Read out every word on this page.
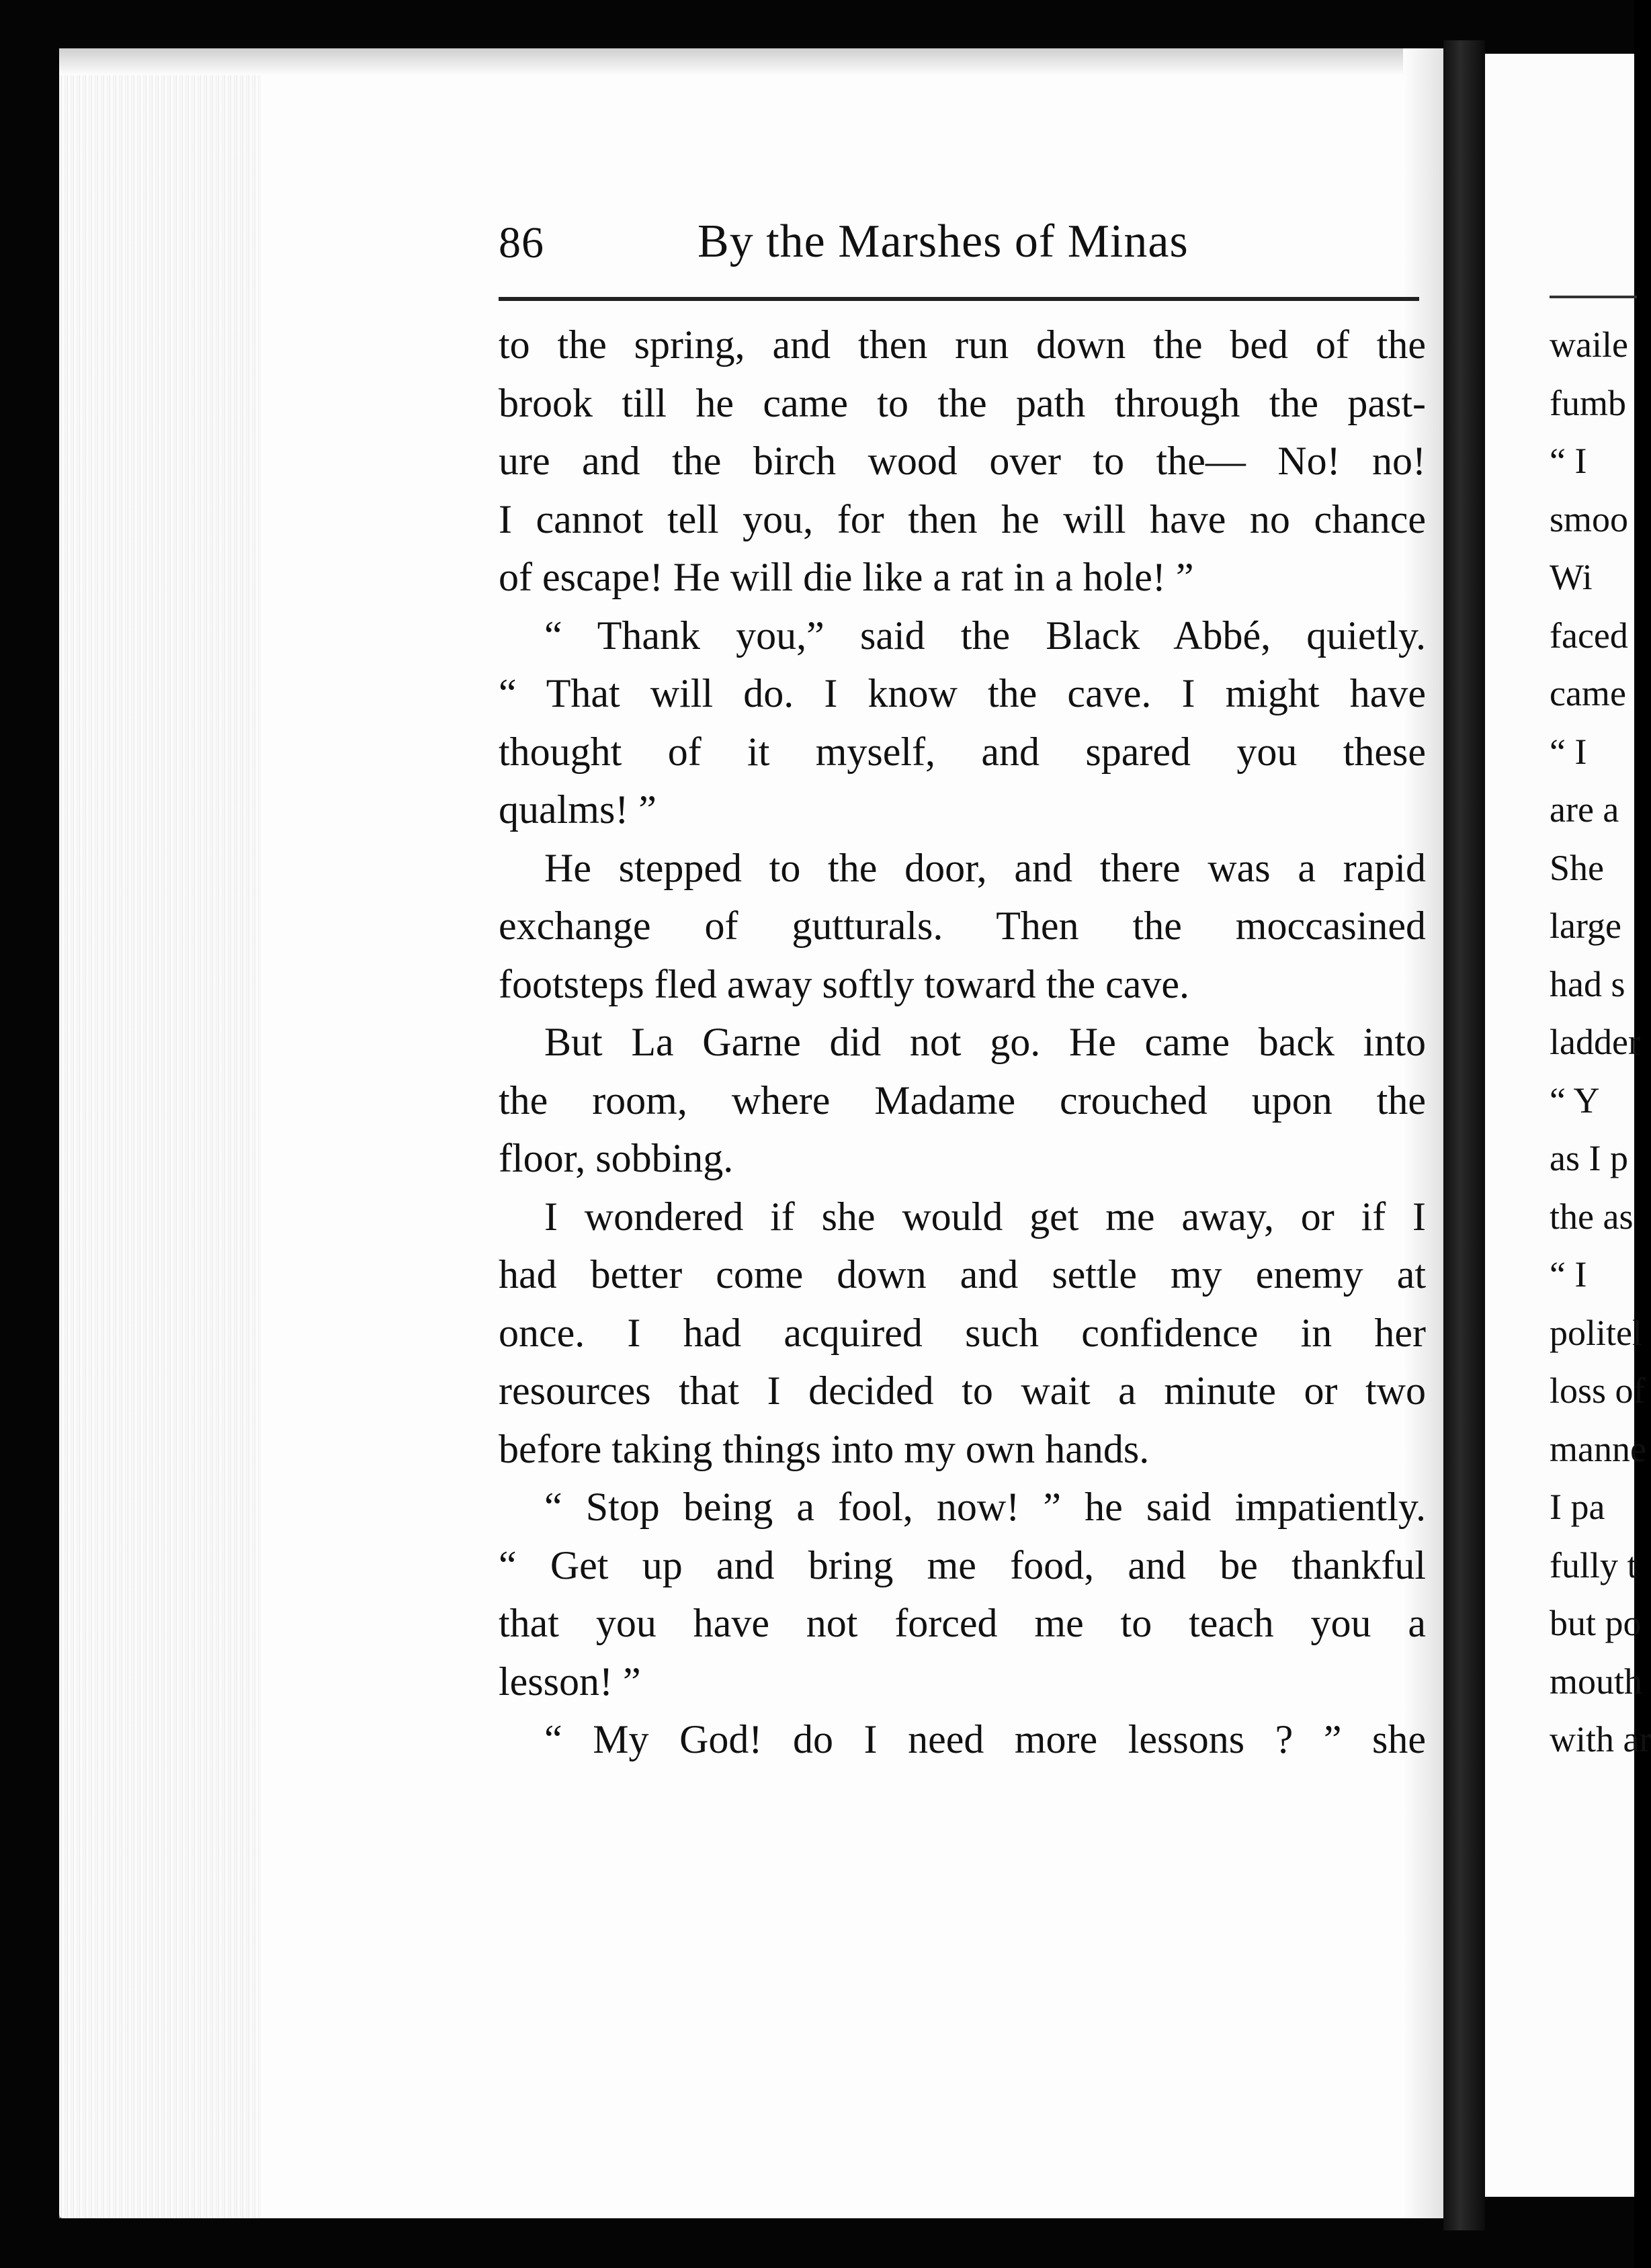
waile
fumb
“ I
smoo
Wi
faced
came
“ I
are a
She
large
had s
ladder
“ Y
as I p
the as
“ I
politel
loss of
manne
I pa
fully t
but po
mouth
with ar
86	By the Marshes of Minas
to the spring, and then run down the bed of the
brook till he came to the path through the past-
ure and the birch wood over to the— No! no!
I cannot tell you, for then he will have no chance
of escape! He will die like a rat in a hole! ”
“ Thank you,” said the Black Abbé, quietly.
“ That will do. I know the cave. I might have
thought of it myself, and spared you these
qualms! ”
He stepped to the door, and there was a rapid
exchange of gutturals. Then the moccasined
footsteps fled away softly toward the cave.
But La Garne did not go. He came back into
the room, where Madame crouched upon the
floor, sobbing.
I wondered if she would get me away, or if I
had better come down and settle my enemy at
once. I had acquired such confidence in her
resources that I decided to wait a minute or two
before taking things into my own hands.
“ Stop being a fool, now! ” he said impatiently.
“ Get up and bring me food, and be thankful
that you have not forced me to teach you a
lesson! ”
“ My God! do I need more lessons ? ” she
